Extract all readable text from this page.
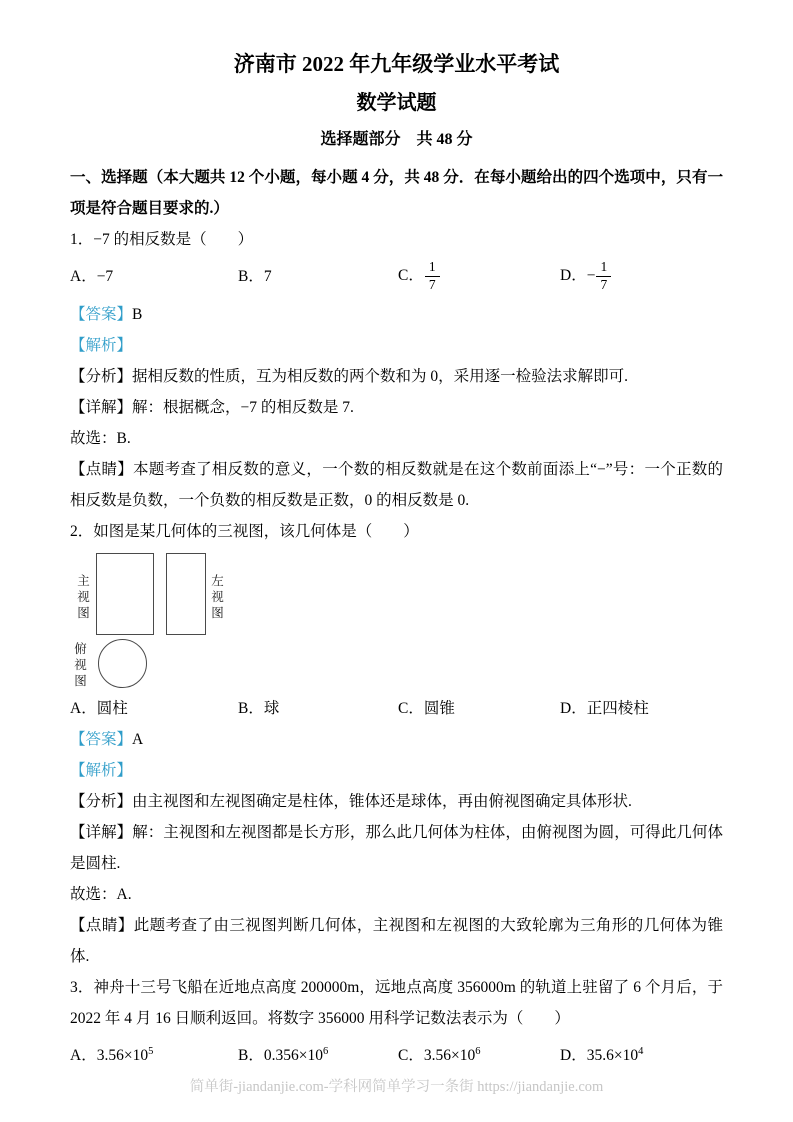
济南市 2022 年九年级学业水平考试
数学试题
选择题部分　共 48 分

一、选择题（本大题共 12 个小题，每小题 4 分，共 48 分．在每小题给出的四个选项中，只有一项是符合题目要求的.）

1．−7 的相反数是（　　）

A．−7	B．7	C． $\frac{1}{7}$	D．− $\frac{1}{7}$

【答案】B

【解析】

【分析】据相反数的性质，互为相反数的两个数和为 0，采用逐一检验法求解即可.

【详解】解：根据概念，−7 的相反数是 7.

故选：B.

【点睛】本题考查了相反数的意义，一个数的相反数就是在这个数前面添上“−”号：一个正数的相反数是负数，一个负数的相反数是正数，0 的相反数是 0.

2．如图是某几何体的三视图，该几何体是（　　）

主视图
左视图
俯视图
A．圆柱	B．球	C．圆锥	D．正四棱柱

【答案】A

【解析】

【分析】由主视图和左视图确定是柱体，锥体还是球体，再由俯视图确定具体形状.

【详解】解：主视图和左视图都是长方形，那么此几何体为柱体，由俯视图为圆，可得此几何体是圆柱.

故选：A.

【点睛】此题考查了由三视图判断几何体，主视图和左视图的大致轮廓为三角形的几何体为锥体.

3．神舟十三号飞船在近地点高度 200000m，远地点高度 356000m 的轨道上驻留了 6 个月后，于 2022 年 4 月 16 日顺利返回。将数字 356000 用科学记数法表示为（　　）

A．$3.56\times 10^5$	B．$0.356\times 10^6$	C．$3.56\times 10^6$	D．$35.6\times 10^4$
简单街-jiandanjie.com-学科网简单学习一条街 https://jiandanjie.com
